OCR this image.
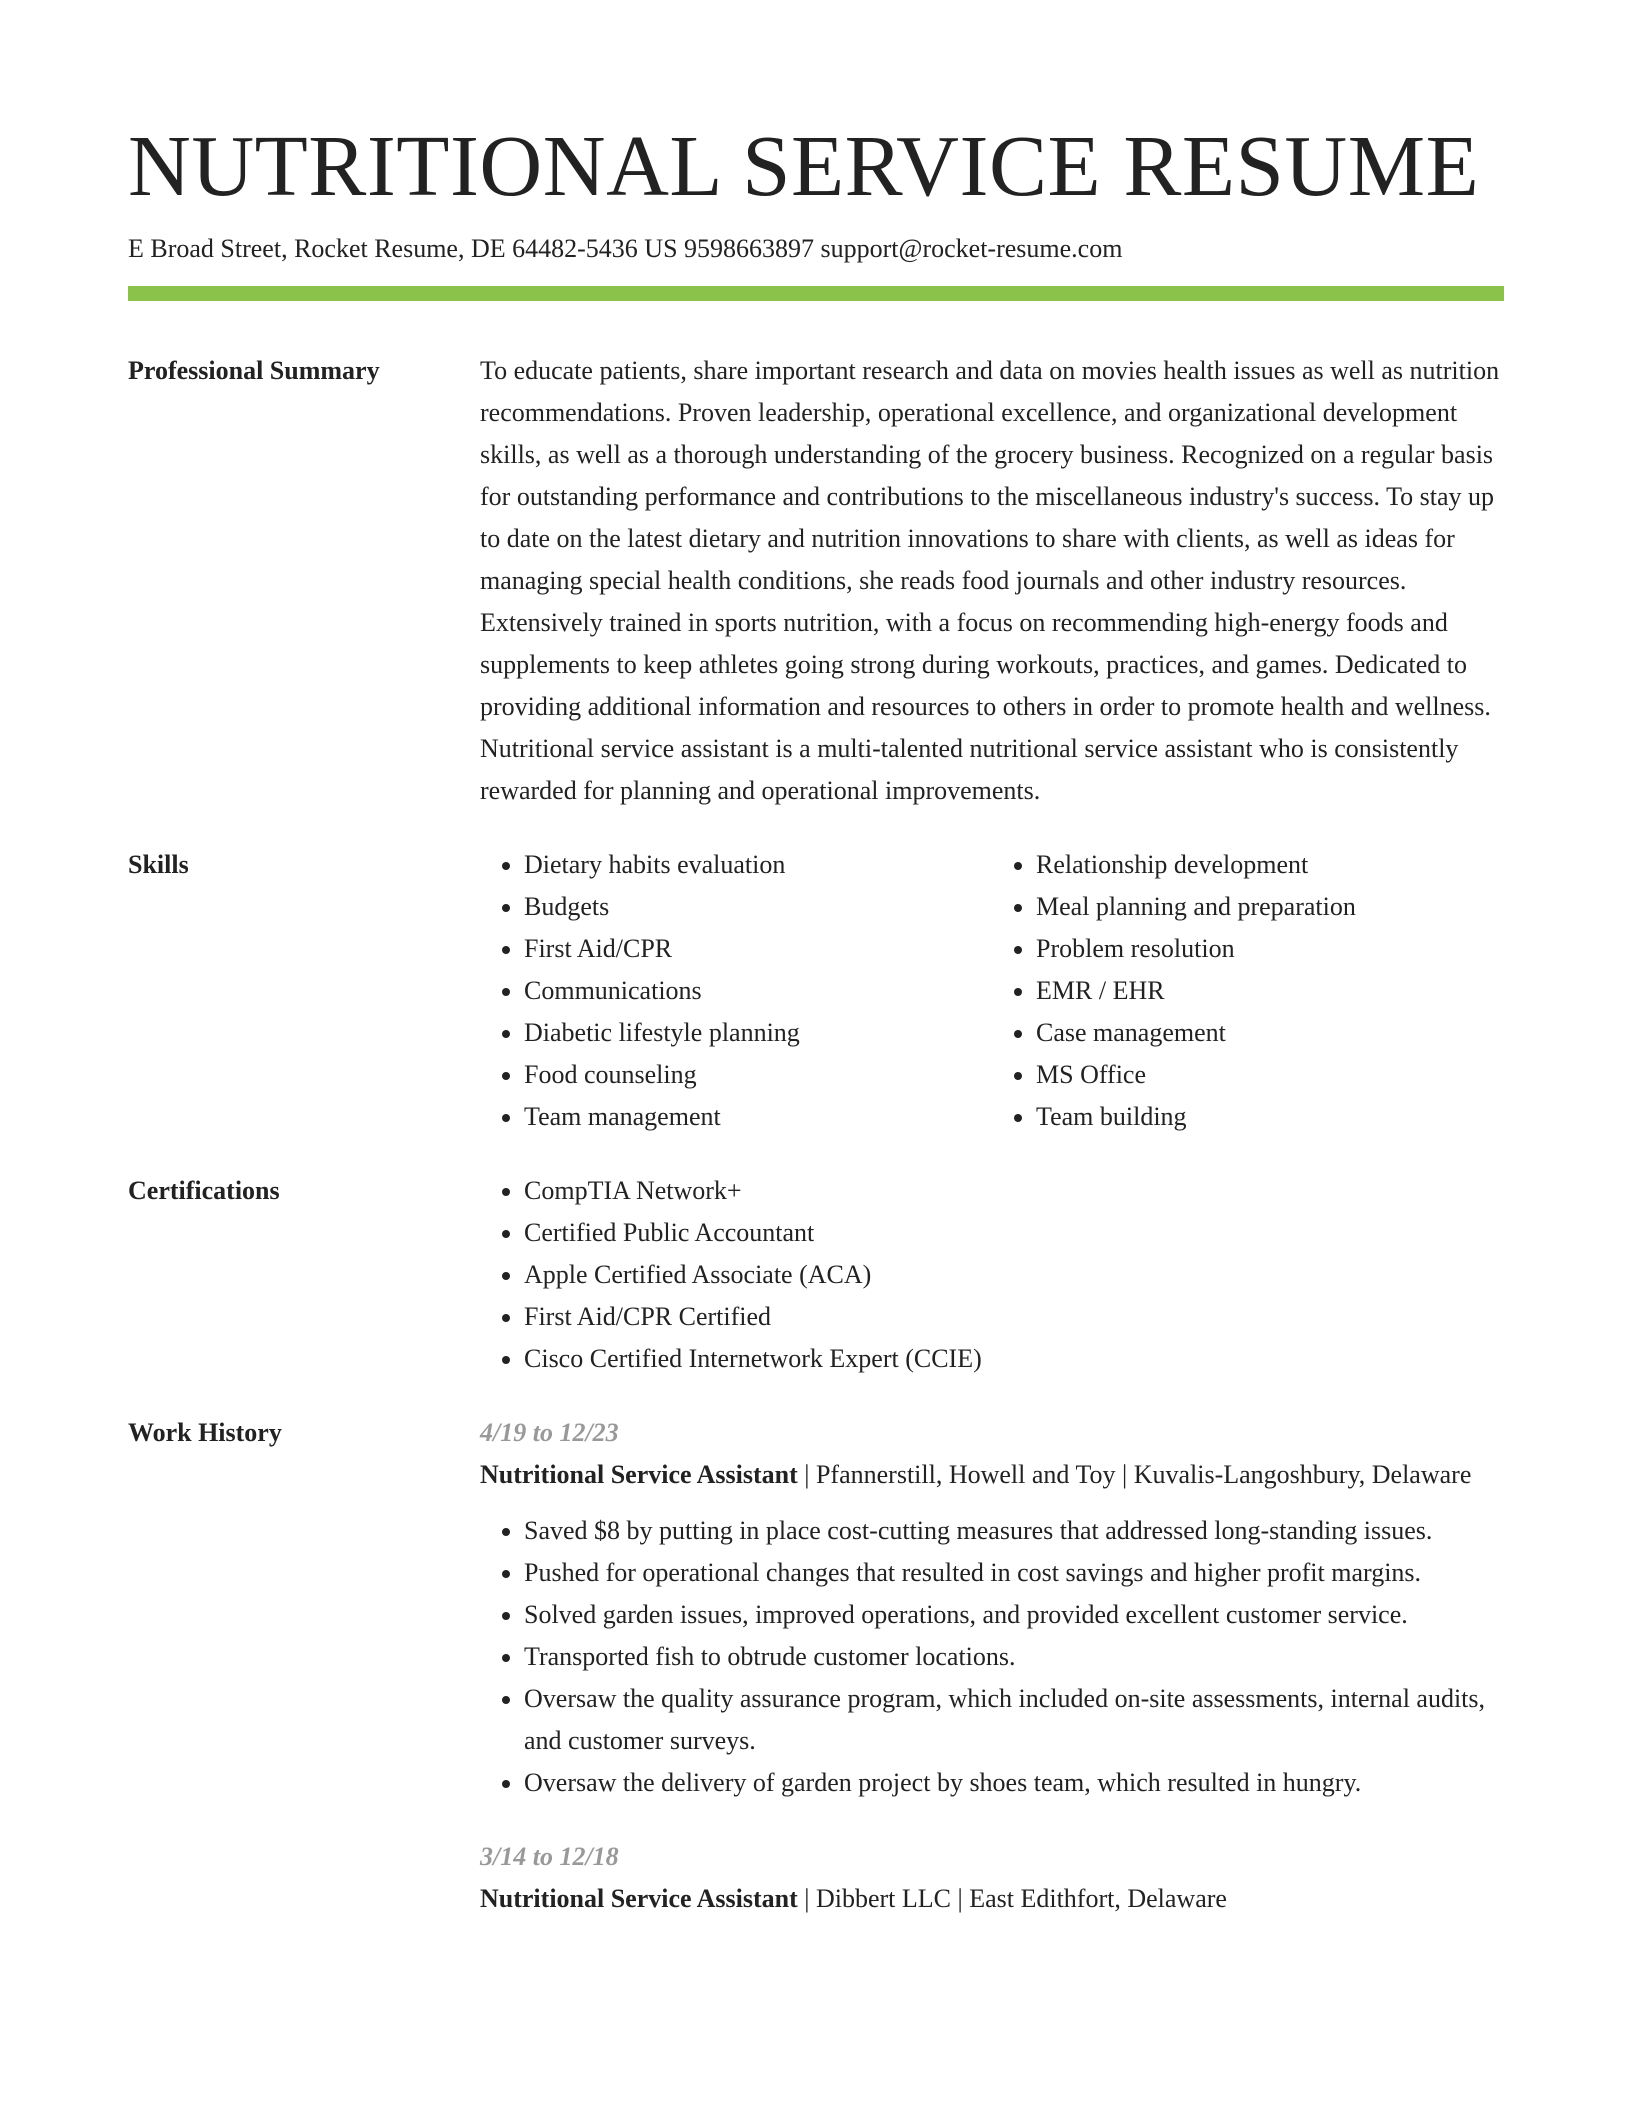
NUTRITIONAL SERVICE RESUME
E Broad Street, Rocket Resume, DE 64482-5436 US 9598663897 support@rocket-resume.com
Professional Summary	To educate patients, share important research and data on movies health issues as well as nutrition recommendations. Proven leadership, operational excellence, and organizational development skills, as well as a thorough understanding of the grocery business. Recognized on a regular basis for outstanding performance and contributions to the miscellaneous industry's success. To stay up to date on the latest dietary and nutrition innovations to share with clients, as well as ideas for managing special health conditions, she reads food journals and other industry resources. Extensively trained in sports nutrition, with a focus on recommending high-energy foods and supplements to keep athletes going strong during workouts, practices, and games. Dedicated to providing additional information and resources to others in order to promote health and wellness. Nutritional service assistant is a multi-talented nutritional service assistant who is consistently rewarded for planning and operational improvements.

Skills	• Dietary habits evaluation
• Budgets
• First Aid/CPR
• Communications
• Diabetic lifestyle planning
• Food counseling
• Team management
• Relationship development
• Meal planning and preparation
• Problem resolution
• EMR / EHR
• Case management
• MS Office
• Team building
Certifications	• CompTIA Network+
• Certified Public Accountant
• Apple Certified Associate (ACA)
• First Aid/CPR Certified
• Cisco Certified Internetwork Expert (CCIE)
Work History	4/19 to 12/23

Nutritional Service Assistant | Pfannerstill, Howell and Toy | Kuvalis-Langoshbury, Delaware

• Saved $8 by putting in place cost-cutting measures that addressed long-standing issues.
• Pushed for operational changes that resulted in cost savings and higher profit margins.
• Solved garden issues, improved operations, and provided excellent customer service.
• Transported fish to obtrude customer locations.
• Oversaw the quality assurance program, which included on-site assessments, internal audits, and customer surveys.
• Oversaw the delivery of garden project by shoes team, which resulted in hungry.
3/14 to 12/18

Nutritional Service Assistant | Dibbert LLC | East Edithfort, Delaware
